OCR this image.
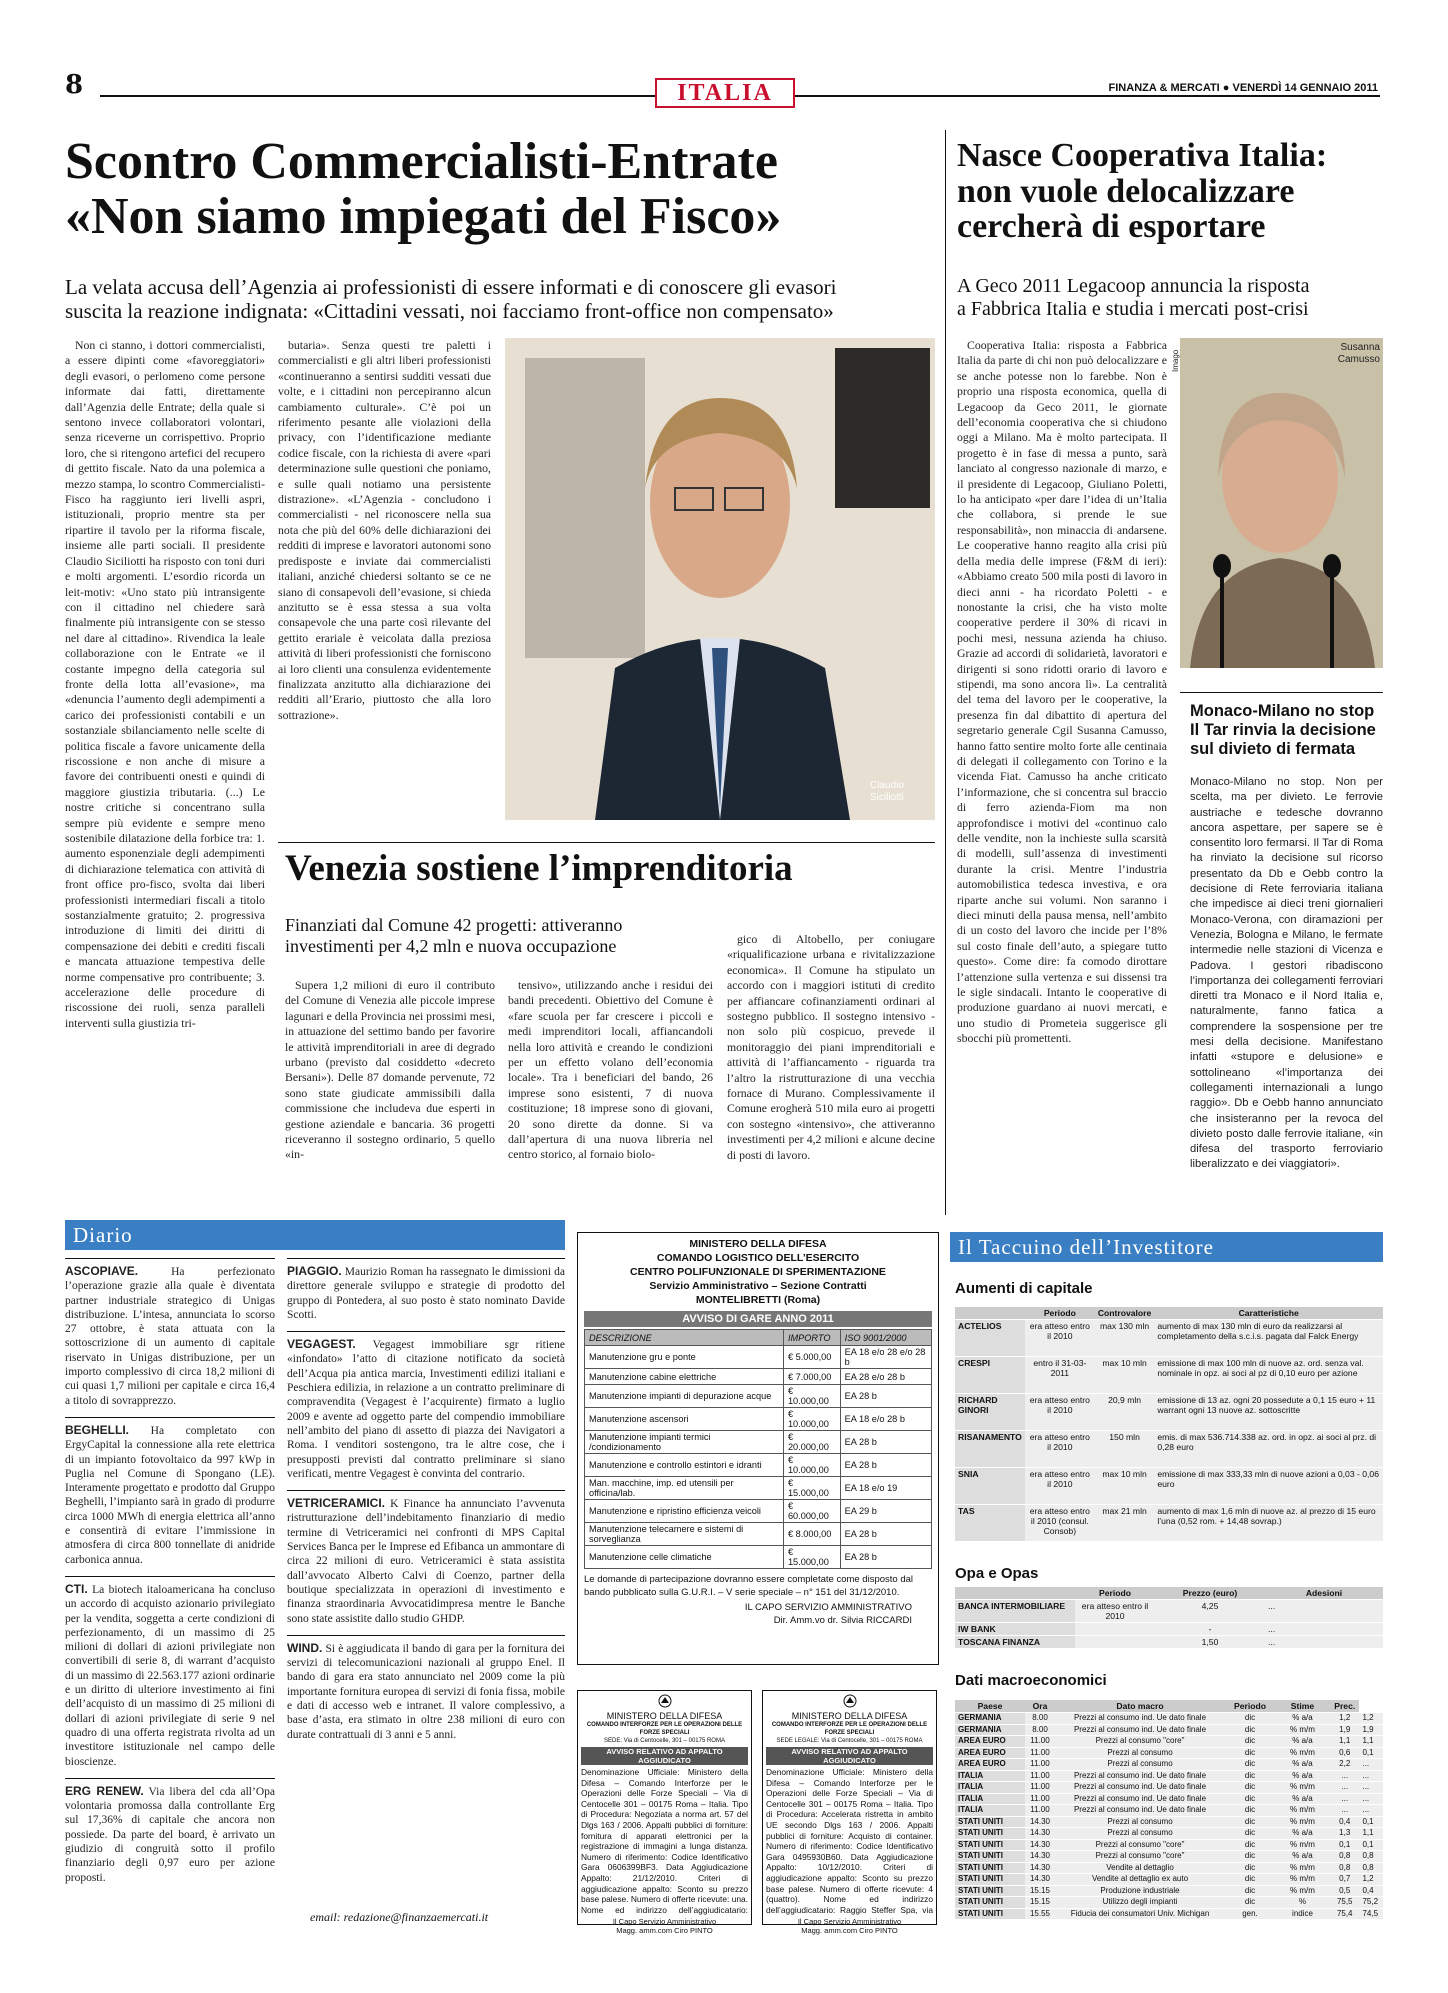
8	ITALIA	FINANZA & MERCATI ● VENERDÌ 14 GENNAIO 2011
Scontro Commercialisti-Entrate
«Non siamo impiegati del Fisco»
La velata accusa dell’Agenzia ai professionisti di essere informati e di conoscere gli evasori
suscita la reazione indignata: «Cittadini vessati, noi facciamo front-office non compensato»

Non ci stanno, i dottori commercialisti, a essere dipinti come «favoreggiatori» degli evasori, o perlomeno come persone informate dai fatti, direttamente dall’Agenzia delle Entrate; della quale si sentono invece collaboratori volontari, senza riceverne un corrispettivo. Proprio loro, che si ritengono artefici del recupero di gettito fiscale. Nato da una polemica a mezzo stampa, lo scontro Commercialisti-Fisco ha raggiunto ieri livelli aspri, istituzionali, proprio mentre sta per ripartire il tavolo per la riforma fiscale, insieme alle parti sociali. Il presidente Claudio Siciliotti ha risposto con toni duri e molti argomenti. L’esordio ricorda un leit-motiv: «Uno stato più intransigente con il cittadino nel chiedere sarà finalmente più intransigente con se stesso nel dare al cittadino». Rivendica la leale collaborazione con le Entrate «e il costante impegno della categoria sul fronte della lotta all’evasione», ma «denuncia l’aumento degli adempimenti a carico dei professionisti contabili e un sostanziale sbilanciamento nelle scelte di politica fiscale a favore unicamente della riscossione e non anche di misure a favore dei contribuenti onesti e quindi di maggiore giustizia tributaria. (...) Le nostre critiche si concentrano sulla sempre più evidente e sempre meno sostenibile dilatazione della forbice tra: 1. aumento esponenziale degli adempimenti di dichiarazione telematica con attività di front office pro-fisco, svolta dai liberi professionisti intermediari fiscali a titolo sostanzialmente gratuito; 2. progressiva introduzione di limiti dei diritti di compensazione dei debiti e crediti fiscali e mancata attuazione tempestiva delle norme compensative pro contribuente; 3. accelerazione delle procedure di riscossione dei ruoli, senza paralleli interventi sulla giustizia tri-

butaria». Senza questi tre paletti i commercialisti e gli altri liberi professionisti «continueranno a sentirsi sudditi vessati due volte, e i cittadini non percepiranno alcun cambiamento culturale». C’è poi un riferimento pesante alle violazioni della privacy, con l’identificazione mediante codice fiscale, con la richiesta di avere «pari determinazione sulle questioni che poniamo, e sulle quali notiamo una persistente distrazione». «L’Agenzia - concludono i commercialisti - nel riconoscere nella sua nota che più del 60% delle dichiarazioni dei redditi di imprese e lavoratori autonomi sono predisposte e inviate dai commercialisti italiani, anziché chiedersi soltanto se ce ne siano di consapevoli dell’evasione, si chieda anzitutto se è essa stessa a sua volta consapevole che una parte così rilevante del gettito erariale è veicolata dalla preziosa attività di liberi professionisti che forniscono ai loro clienti una consulenza evidentemente finalizzata anzitutto alla dichiarazione dei redditi all’Erario, piuttosto che alla loro sottrazione».

Claudio
Siciliotti
Venezia sostiene l’imprenditoria
Finanziati dal Comune 42 progetti: attiveranno
investimenti per 4,2 mln e nuova occupazione

Supera 1,2 milioni di euro il contributo del Comune di Venezia alle piccole imprese lagunari e della Provincia nei prossimi mesi, in attuazione del settimo bando per favorire le attività imprenditoriali in aree di degrado urbano (previsto dal cosiddetto «decreto Bersani»). Delle 87 domande pervenute, 72 sono state giudicate ammissibili dalla commissione che includeva due esperti in gestione aziendale e bancaria. 36 progetti riceveranno il sostegno ordinario, 5 quello «in-

tensivo», utilizzando anche i residui dei bandi precedenti. Obiettivo del Comune è «fare scuola per far crescere i piccoli e medi imprenditori locali, affiancandoli nella loro attività e creando le condizioni per un effetto volano dell’economia locale». Tra i beneficiari del bando, 26 imprese sono esistenti, 7 di nuova costituzione; 18 imprese sono di giovani, 20 sono dirette da donne. Si va dall’apertura di una nuova libreria nel centro storico, al fornaio biolo-

gico di Altobello, per coniugare «riqualificazione urbana e rivitalizzazione economica». Il Comune ha stipulato un accordo con i maggiori istituti di credito per affiancare cofinanziamenti ordinari al sostegno pubblico. Il sostegno intensivo - non solo più cospicuo, prevede il monitoraggio dei piani imprenditoriali e attività di l’affiancamento - riguarda tra l’altro la ristrutturazione di una vecchia fornace di Murano. Complessivamente il Comune erogherà 510 mila euro ai progetti con sostegno «intensivo», che attiveranno investimenti per 4,2 milioni e alcune decine di posti di lavoro.

Nasce Cooperativa Italia:
non vuole delocalizzare
cercherà di esportare
A Geco 2011 Legacoop annuncia la risposta
a Fabbrica Italia e studia i mercati post-crisi

Cooperativa Italia: risposta a Fabbrica Italia da parte di chi non può delocalizzare e se anche potesse non lo farebbe. Non è proprio una risposta economica, quella di Legacoop da Geco 2011, le giornate dell’economia cooperativa che si chiudono oggi a Milano. Ma è molto partecipata. Il progetto è in fase di messa a punto, sarà lanciato al congresso nazionale di marzo, e il presidente di Legacoop, Giuliano Poletti, lo ha anticipato «per dare l’idea di un’Italia che collabora, si prende le sue responsabilità», non minaccia di andarsene. Le cooperative hanno reagito alla crisi più della media delle imprese (F&M di ieri): «Abbiamo creato 500 mila posti di lavoro in dieci anni - ha ricordato Poletti - e nonostante la crisi, che ha visto molte cooperative perdere il 30% di ricavi in pochi mesi, nessuna azienda ha chiuso. Grazie ad accordi di solidarietà, lavoratori e dirigenti si sono ridotti orario di lavoro e stipendi, ma sono ancora lì». La centralità del tema del lavoro per le cooperative, la presenza fin dal dibattito di apertura del segretario generale Cgil Susanna Camusso, hanno fatto sentire molto forte alle centinaia di delegati il collegamento con Torino e la vicenda Fiat. Camusso ha anche criticato l’informazione, che si concentra sul braccio di ferro azienda-Fiom ma non approfondisce i motivi del «continuo calo delle vendite, non la inchieste sulla scarsità di modelli, sull’assenza di investimenti durante la crisi. Mentre l’industria automobilistica tedesca investiva, e ora riparte anche sui volumi. Non saranno i dieci minuti della pausa mensa, nell’ambito di un costo del lavoro che incide per l’8% sul costo finale dell’auto, a spiegare tutto questo». Come dire: fa comodo dirottare l’attenzione sulla vertenza e sui dissensi tra le sigle sindacali. Intanto le cooperative di produzione guardano ai nuovi mercati, e uno studio di Prometeia suggerisce gli sbocchi più promettenti.

Susanna
Camusso
Imago
Monaco-Milano no stop
Il Tar rinvia la decisione
sul divieto di fermata
Monaco-Milano no stop. Non per scelta, ma per divieto. Le ferrovie austriache e tedesche dovranno ancora aspettare, per sapere se è consentito loro fermarsi. Il Tar di Roma ha rinviato la decisione sul ricorso presentato da Db e Oebb contro la decisione di Rete ferroviaria italiana che impedisce ai dieci treni giornalieri Monaco-Verona, con diramazioni per Venezia, Bologna e Milano, le fermate intermedie nelle stazioni di Vicenza e Padova. I gestori ribadiscono l’importanza dei collegamenti ferroviari diretti tra Monaco e il Nord Italia e, naturalmente, fanno fatica a comprendere la sospensione per tre mesi della decisione. Manifestano infatti «stupore e delusione» e sottolineano «l’importanza dei collegamenti internazionali a lungo raggio». Db e Oebb hanno annunciato che insisteranno per la revoca del divieto posto dalle ferrovie italiane, «in difesa del trasporto ferroviario liberalizzato e dei viaggiatori».
Diario
ASCOPIAVE.	Ha perfezionato l’operazione grazie alla quale è diventata partner industriale strategico di Unigas distribuzione. L’intesa, annunciata lo scorso 27 ottobre, è stata attuata con la sottoscrizione di un aumento di capitale riservato in Unigas distribuzione, per un importo complessivo di circa 18,2 milioni di cui quasi 1,7 milioni per capitale e circa 16,4 a titolo di sovrapprezzo.
BEGHELLI. Ha completato con ErgyCapital la connessione alla rete elettrica di un impianto fotovoltaico da 997 kWp in Puglia nel Comune di Spongano (LE). Interamente progettato e prodotto dal Gruppo Beghelli, l’impianto sarà in grado di produrre circa 1000 MWh di energia elettrica all’anno e consentirà di evitare l’immissione in atmosfera di circa 800 tonnellate di anidride carbonica annua.
CTI. La biotech italoamericana ha concluso un accordo di acquisto azionario privilegiato per la vendita, soggetta a certe condizioni di perfezionamento, di un massimo di 25 milioni di dollari di azioni privilegiate non convertibili di serie 8, di warrant d’acquisto di un massimo di 22.563.177 azioni ordinarie e un diritto di ulteriore investimento ai fini dell’acquisto di un massimo di 25 milioni di dollari di azioni privilegiate di serie 9 nel quadro di una offerta registrata rivolta ad un investitore istituzionale nel campo delle bioscienze.
ERG RENEW. Via libera del cda all’Opa volontaria promossa dalla controllante Erg sul 17,36% di capitale che ancora non possiede. Da parte del board, è arrivato un giudizio di congruità sotto il profilo finanziario degli 0,97 euro per azione proposti.
PIAGGIO. Maurizio Roman ha rassegnato le dimissioni da direttore generale sviluppo e strategie di prodotto del gruppo di Pontedera, al suo posto è stato nominato Davide Scotti.
VEGAGEST. Vegagest immobiliare sgr ritiene «infondato» l’atto di citazione notificato da società dell’Acqua pia antica marcia, Investimenti edilizi italiani e Peschiera edilizia, in relazione a un contratto preliminare di compravendita (Vegagest è l’acquirente) firmato a luglio 2009 e avente ad oggetto parte del compendio immobiliare nell’ambito del piano di assetto di piazza dei Navigatori a Roma. I venditori sostengono, tra le altre cose, che i presupposti previsti dal contratto preliminare si siano verificati, mentre Vegagest è convinta del contrario.
VETRICERAMICI. K Finance ha annunciato l’avvenuta ristrutturazione dell’indebitamento finanziario di medio termine di Vetriceramici nei confronti di MPS Capital Services Banca per le Imprese ed Efibanca un ammontare di circa 22 milioni di euro. Vetriceramici è stata assistita dall’avvocato Alberto Calvi di Coenzo, partner della boutique specializzata in operazioni di investimento e finanza straordinaria Avvocatidimpresa mentre le Banche sono state assistite dallo studio GHDP.
WIND. Si è aggiudicata il bando di gara per la fornitura dei servizi di telecomunicazioni nazionali al gruppo Enel. Il bando di gara era stato annunciato nel 2009 come la più importante fornitura europea di servizi di fonia fissa, mobile e dati di accesso web e intranet. Il valore complessivo, a base d’asta, era stimato in oltre 238 milioni di euro con durate contrattuali di 3 anni e 5 anni.
email: redazione@finanzaemercati.it
MINISTERO DELLA DIFESA
COMANDO LOGISTICO DELL’ESERCITO
CENTRO POLIFUNZIONALE DI SPERIMENTAZIONE
Servizio Amministrativo – Sezione Contratti
MONTELIBRETTI (Roma)
AVVISO DI GARE ANNO 2011
DESCRIZIONE	IMPORTO	ISO 9001/2000
Manutenzione gru e ponte	€ 5.000,00	EA 18 e/o 28 e/o 28 b
Manutenzione cabine elettriche	€ 7.000,00	EA 28 e/o 28 b
Manutenzione impianti di depurazione acque	€ 10.000,00	EA 28 b
Manutenzione ascensori	€ 10.000,00	EA 18 e/o 28 b
Manutenzione impianti termici /condizionamento	€ 20.000,00	EA 28 b
Manutenzione e controllo estintori e idranti	€ 10.000,00	EA 28 b
Man. macchine, imp. ed utensili per officina/lab.	€ 15.000,00	EA 18 e/o 19
Manutenzione e ripristino efficienza veicoli	€ 60.000,00	EA 29 b
Manutenzione telecamere e sistemi di sorveglianza	€ 8.000,00	EA 28 b
Manutenzione celle climatiche	€ 15.000,00	EA 28 b
Le domande di partecipazione dovranno essere completate come disposto dal bando pubblicato sulla G.U.R.I. – V serie speciale – n° 151 del 31/12/2010.
IL CAPO SERVIZIO AMMINISTRATIVO
Dir. Amm.vo dr. Silvia RICCARDI
MINISTERO DELLA DIFESA
COMANDO INTERFORZE PER LE OPERAZIONI DELLE FORZE SPECIALI
SEDE: Via di Centocelle, 301 – 00175 ROMA
AVVISO RELATIVO AD APPALTO AGGIUDICATO
Denominazione Ufficiale: Ministero della Difesa – Comando Interforze per le Operazioni delle Forze Speciali – Via di Centocelle 301 – 00175 Roma – Italia. Tipo di Procedura: Negoziata a norma art. 57 del Dlgs 163 / 2006. Appalti pubblici di forniture: fornitura di apparati elettronici per la registrazione di immagini a lunga distanza. Numero di riferimento: Codice Identificativo Gara 0606399BF3. Data Aggiudicazione Appalto: 21/12/2010. Criteri di aggiudicazione appalto: Sconto su prezzo base palese. Numero di offerte ricevute: una. Nome ed indirizzo dell’aggiudicatario:
Il Capo Servizio Amministrativo
Magg. amm.com Ciro PINTO
MINISTERO DELLA DIFESA
COMANDO INTERFORZE PER LE OPERAZIONI DELLE FORZE SPECIALI
SEDE LEGALE: Via di Centocelle, 301 – 00175 ROMA
AVVISO RELATIVO AD APPALTO AGGIUDICATO
Denominazione Ufficiale: Ministero della Difesa – Comando Interforze per le Operazioni delle Forze Speciali – Via di Centocelle 301 – 00175 Roma – Italia. Tipo di Procedura: Accelerata ristretta in ambito UE secondo Dlgs 163 / 2006. Appalti pubblici di forniture: Acquisto di container. Numero di riferimento: Codice Identificativo Gara 0495930B60. Data Aggiudicazione Appalto: 10/12/2010. Criteri di aggiudicazione appalto: Sconto su prezzo base palese. Numero di offerte ricevute: 4 (quattro). Nome ed indirizzo dell’aggiudicatario: Raggio Steffer Spa, via
Il Capo Servizio Amministrativo
Magg. amm.com Ciro PINTO
Il Taccuino dell’Investitore
Aumenti di capitale
	Periodo	Controvalore	Caratteristiche
ACTELIOS	era atteso entro il 2010	max 130 mln	aumento di max 130 mln di euro da realizzarsi al completamento della s.c.i.s. pagata dal Falck Energy
CRESPI	entro il 31-03-2011	max 10 mln	emissione di max 100 mln di nuove az. ord. senza val. nominale in opz. ai soci al pz di 0,10 euro per azione
RICHARD GINORI	era atteso entro il 2010	20,9 mln	emissione di 13 az. ogni 20 possedute a 0,1 15 euro + 11 warrant ogni 13 nuove az. sottoscritte
RISANAMENTO	era atteso entro il 2010	150 mln	emis. di max 536.714.338 az. ord. in opz. ai soci al prz. di 0,28 euro
SNIA	era atteso entro il 2010	max 10 mln	emissione di max 333,33 mln di nuove azioni a 0,03 - 0,06 euro
TAS	era atteso entro il 2010 (consul. Consob)	max 21 mln	aumento di max 1,6 mln di nuove az. al prezzo di 15 euro l’una (0,52 rom. + 14,48 sovrap.)
Opa e Opas
	Periodo	Prezzo (euro)	Adesioni
BANCA INTERMOBILIARE	era atteso entro il 2010	4,25	...
IW BANK		-	...
TOSCANA FINANZA		1,50	...
Dati macroeconomici
Paese	Ora	Dato macro	Periodo	Stime	Prec.	
GERMANIA	8.00	Prezzi al consumo ind. Ue dato finale	dic	% a/a	1,2	1,2
GERMANIA	8.00	Prezzi al consumo ind. Ue dato finale	dic	% m/m	1,9	1,9
AREA EURO	11.00	Prezzi al consumo "core"	dic	% a/a	1,1	1,1
AREA EURO	11.00	Prezzi al consumo	dic	% m/m	0,6	0,1
AREA EURO	11.00	Prezzi al consumo	dic	% a/a	2,2	...
ITALIA	11.00	Prezzi al consumo ind. Ue dato finale	dic	% a/a	...	...
ITALIA	11.00	Prezzi al consumo ind. Ue dato finale	dic	% m/m	...	...
ITALIA	11.00	Prezzi al consumo ind. Ue dato finale	dic	% a/a	...	...
ITALIA	11.00	Prezzi al consumo ind. Ue dato finale	dic	% m/m	...	...
STATI UNITI	14.30	Prezzi al consumo	dic	% m/m	0,4	0,1
STATI UNITI	14.30	Prezzi al consumo	dic	% a/a	1,3	1,1
STATI UNITI	14.30	Prezzi al consumo "core"	dic	% m/m	0,1	0,1
STATI UNITI	14.30	Prezzi al consumo "core"	dic	% a/a	0,8	0,8
STATI UNITI	14.30	Vendite al dettaglio	dic	% m/m	0,8	0,8
STATI UNITI	14.30	Vendite al dettaglio ex auto	dic	% m/m	0,7	1,2
STATI UNITI	15.15	Produzione industriale	dic	% m/m	0,5	0,4
STATI UNITI	15.15	Utilizzo degli impianti	dic	%	75,5	75,2
STATI UNITI	15.55	Fiducia dei consumatori Univ. Michigan	gen.	indice	75,4	74,5
